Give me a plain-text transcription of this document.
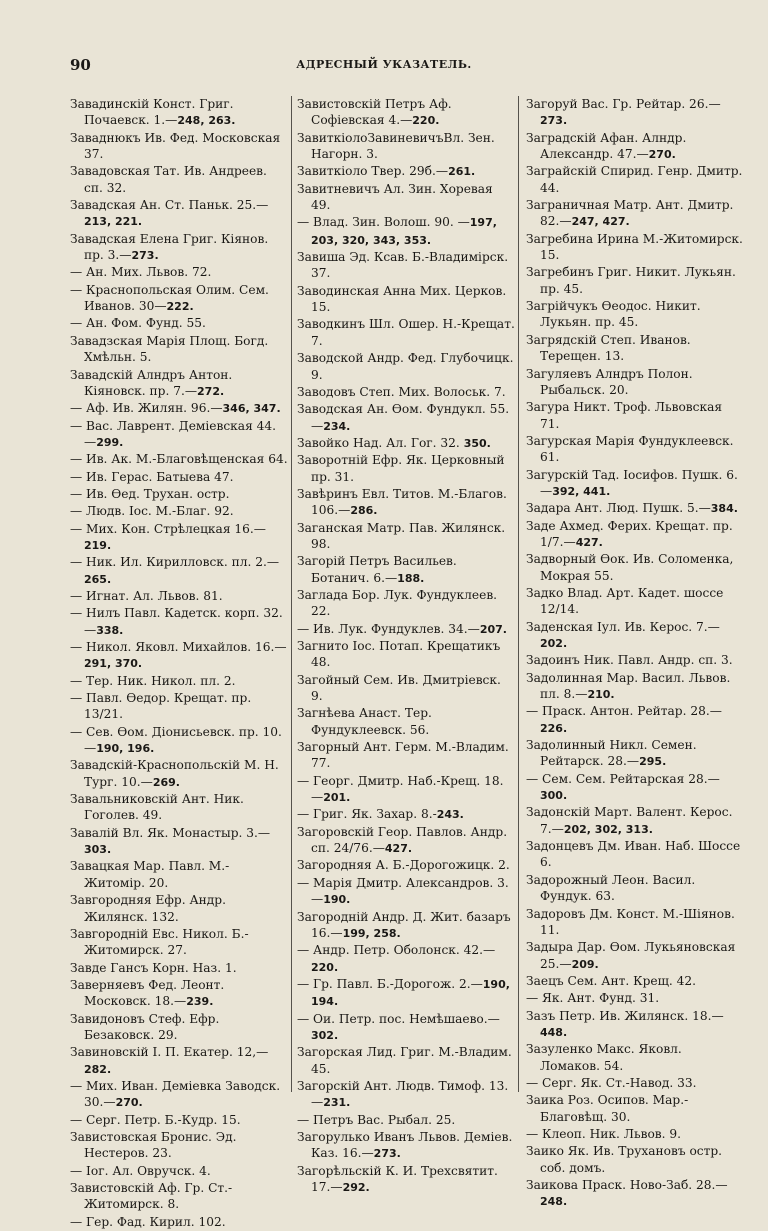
90	АДРЕСНЫЙ УКАЗАТЕЛЬ.
Завадинскій Конст. Григ. Почаевск. 1.—248, 263.
Заваднюкъ Ив. Фед. Московская 37.
Завадовская Тат. Ив. Андреев. сп. 32.
Завадская Ан. Ст. Паньк. 25.—213, 221.
Завадская Елена Григ. Кіянов. пр. 3.—273.
— Ан. Мих. Львов. 72.
— Краснопольская Олим. Сем. Иванов. 30—222.
— Ан. Фом. Фунд. 55.
Завадзская Марія Площ. Богд. Хмѣльн. 5.
Завадскій Алндръ Антон. Кіяновск. пр. 7.—272.
— Аф. Ив. Жилян. 96.—346, 347.
— Вас. Лаврент. Деміевская 44.—299.
— Ив. Ак. М.-Благовѣщенская 64.
— Ив. Герас. Батыева 47.
— Ив. Ѳед. Трухан. остр.
— Людв. Іос. М.-Благ. 92.
— Мих. Кон. Стрѣлецкая 16.—219.
— Ник. Ил. Кирилловск. пл. 2.—265.
— Игнат. Ал. Львов. 81.
— Нилъ Павл. Кадетск. корп. 32.—338.
— Никол. Яковл. Михайлов. 16.—291, 370.
— Тер. Ник. Никол. пл. 2.
— Павл. Ѳедор. Крещат. пр. 13/21.
— Сев. Ѳом. Діонисьевск. пр. 10.—190, 196.
Завадскій-Краснопольскій М. Н. Тург. 10.—269.
Завальниковскій Ант. Ник. Гоголев. 49.
Завалій Вл. Як. Монастыр. 3.—303.
Завацкая Мар. Павл. М.-Житомір. 20.
Завгородняя Ефр. Андр. Жилянск. 132.
Завгородній Евс. Никол. Б.-Житомирск. 27.
Завде Гансъ Корн. Наз. 1.
Заверняевъ Фед. Леонт. Московск. 18.—239.
Завидоновъ Стеф. Ефр. Безаковск. 29.
Завиновскій І. П. Екатер. 12,—282.
— Мих. Иван. Деміевка Заводск. 30.—270.
— Серг. Петр. Б.-Кудр. 15.
Завистовская Бронис. Эд. Нестеров. 23.
— Іог. Ал. Овручск. 4.
Завистовскій Аф. Гр. Ст.-Житомирск. 8.
— Гер. Фад. Кирил. 102.
Завистовскій Петръ Аф. Софіевская 4.—220.
ЗавиткіолоЗавиневичъВл. Зен. Нагорн. 3.
Завиткіоло Твер. 29б.—261.
Завитневичъ Ал. Зин. Хоревая 49.
— Влад. Зин. Волош. 90. —197, 203, 320, 343, 353.
Завиша Эд. Ксав. Б.-Владимірск. 37.
Заводинская Анна Мих. Церков. 15.
Заводкинъ Шл. Ошер. Н.-Крещат. 7.
Заводской Андр. Фед. Глубочицк. 9.
Заводовъ Степ. Мих. Волоськ. 7.
Заводская Ан. Ѳом. Фундукл. 55.—234.
Завойко Над. Ал. Гог. 32. 350.
Заворотній Ефр. Як. Церковный пр. 31.
Завѣринъ Евл. Титов. М.-Благов. 106.—286.
Заганская Матр. Пав. Жилянск. 98.
Загорій Петръ Васильев. Ботанич. 6.—188.
Заглада Бор. Лук. Фундуклеев. 22.
— Ив. Лук. Фундуклев. 34.—207.
Загнито Іос. Потап. Крещатикъ 48.
Загойный Сем. Ив. Дмитріевск. 9.
Загнѣева Анаст. Тер. Фундуклеевск. 56.
Загорный Ант. Герм. М.-Владим. 77.
— Георг. Дмитр. Наб.-Крещ. 18.—201.
— Григ. Як. Захар. 8.-243.
Загоровскій Геор. Павлов. Андр. сп. 24/76.—427.
Загородняя А. Б.-Дорогожицк. 2.
— Марія Дмитр. Александров. 3.—190.
Загородній Андр. Д. Жит. базаръ 16.—199, 258.
— Андр. Петр. Оболонск. 42.—220.
— Гр. Павл. Б.-Дорогож. 2.—190, 194.
— Ои. Петр. пос. Немѣшаево.—302.
Загорская Лид. Григ. М.-Владим. 45.
Загорскій Ант. Людв. Тимоф. 13.—231.
— Петръ Вас. Рыбал. 25.
Загорулько Иванъ Львов. Деміев. Каз. 16.—273.
Загорѣльскій К. И. Трехсвятит. 17.—292.
Загоруй Вас. Гр. Рейтар. 26.—273.
Заградскій Афан. Алндр. Александр. 47.—270.
Заграйскій Спирид. Генр. Дмитр. 44.
Заграничная Матр. Ант. Дмитр. 82.—247, 427.
Загребина Ирина М.-Житомирск. 15.
Загребинъ Григ. Никит. Лукьян. пр. 45.
Загрійчукъ Ѳеодос. Никит. Лукьян. пр. 45.
Загрядскій Степ. Иванов. Терещен. 13.
Загуляевъ Алндръ Полон. Рыбальск. 20.
Загура Никт. Троф. Львовская 71.
Загурская Марія Фундуклеевск. 61.
Загурскій Тад. Іосифов. Пушк. 6.—392, 441.
Задара Ант. Люд. Пушк. 5.—384.
Заде Ахмед. Ферих. Крещат. пр. 1/7.—427.
Задворный Ѳок. Ив. Соломенка, Мокрая 55.
Задко Влад. Арт. Кадет. шоссе 12/14.
Заденская Іул. Ив. Керос. 7.—202.
Задоинъ Ник. Павл. Андр. сп. 3.
Задолинная Мар. Васил. Львов. пл. 8.—210.
— Праск. Антон. Рейтар. 28.—226.
Задолинный Никл. Семен. Рейтарск. 28.—295.
— Сем. Сем. Рейтарская 28.—300.
Задонскій Март. Валент. Керос. 7.—202, 302, 313.
Задонцевъ Дм. Иван. Наб. Шоссе 6.
Задорожный Леон. Васил. Фундук. 63.
Задоровъ Дм. Конст. М.-Шіянов. 11.
Задыра Дар. Ѳом. Лукьяновская 25.—209.
Заецъ Сем. Ант. Крещ. 42.
— Як. Ант. Фунд. 31.
Зазъ Петр. Ив. Жилянск. 18.—448.
Зазуленко Макс. Яковл. Ломаков. 54.
— Серг. Як. Ст.-Навод. 33.
Заика Роз. Осипов. Мар.-Благовѣщ. 30.
— Клеоп. Ник. Львов. 9.
Заико Як. Ив. Трухановъ остр. соб. домъ.
Заикова Праск. Ново-Заб. 28.—248.
